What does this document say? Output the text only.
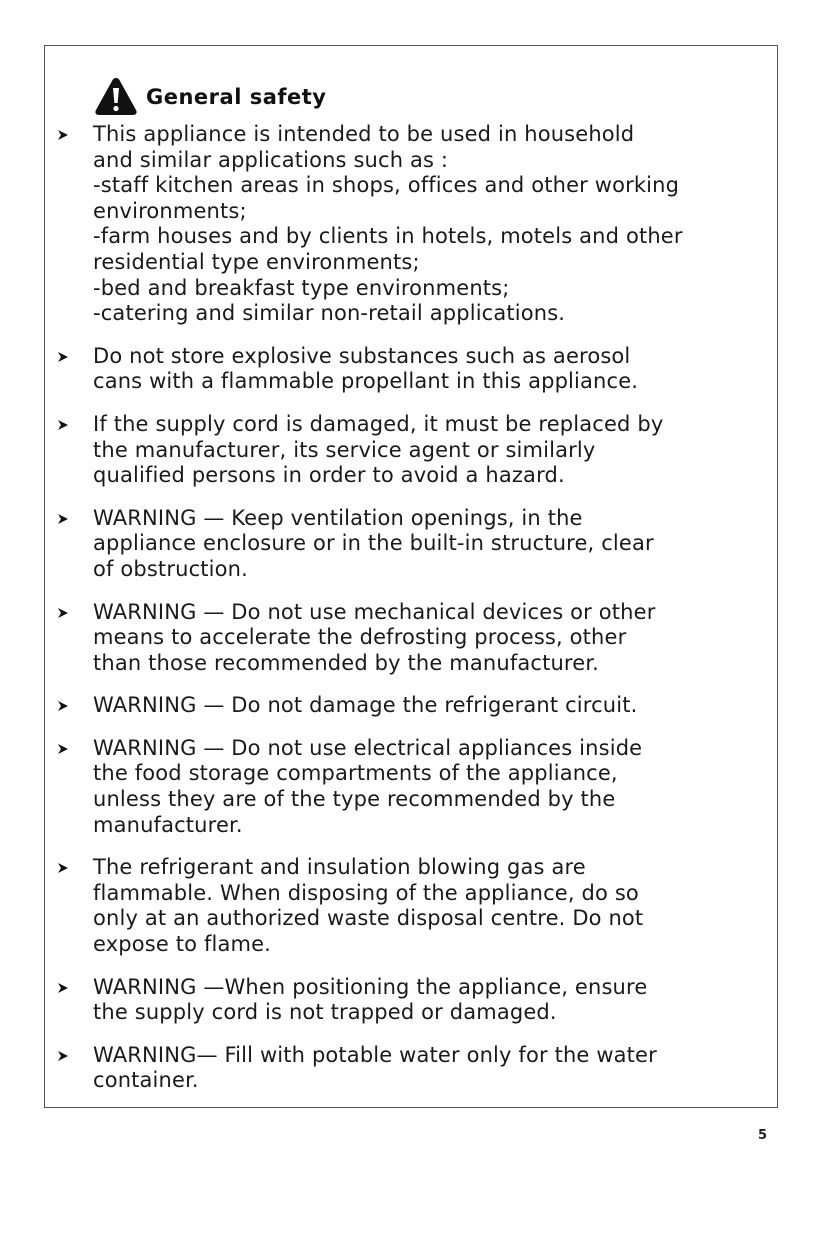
General safety
This appliance is intended to be used in household
and similar applications such as :
-staff kitchen areas in shops, offices and other working
environments;
-farm houses and by clients in hotels, motels and other
residential type environments;
-bed and breakfast type environments;
-catering and similar non-retail applications.
Do not store explosive substances such as aerosol
cans with a flammable propellant in this appliance.
If the supply cord is damaged, it must be replaced by
the manufacturer, its service agent or similarly
qualified persons in order to avoid a hazard.
WARNING — Keep ventilation openings, in the
appliance enclosure or in the built-in structure, clear
of obstruction.
WARNING — Do not use mechanical devices or other
means to accelerate the defrosting process, other
than those recommended by the manufacturer.
WARNING — Do not damage the refrigerant circuit.
WARNING — Do not use electrical appliances inside
the food storage compartments of the appliance,
unless they are of the type recommended by the
manufacturer.
The refrigerant and insulation blowing gas are
flammable. When disposing of the appliance, do so
only at an authorized waste disposal centre. Do not
expose to flame.
WARNING —When positioning the appliance, ensure
the supply cord is not trapped or damaged.
WARNING— Fill with potable water only for the water
container.
5
